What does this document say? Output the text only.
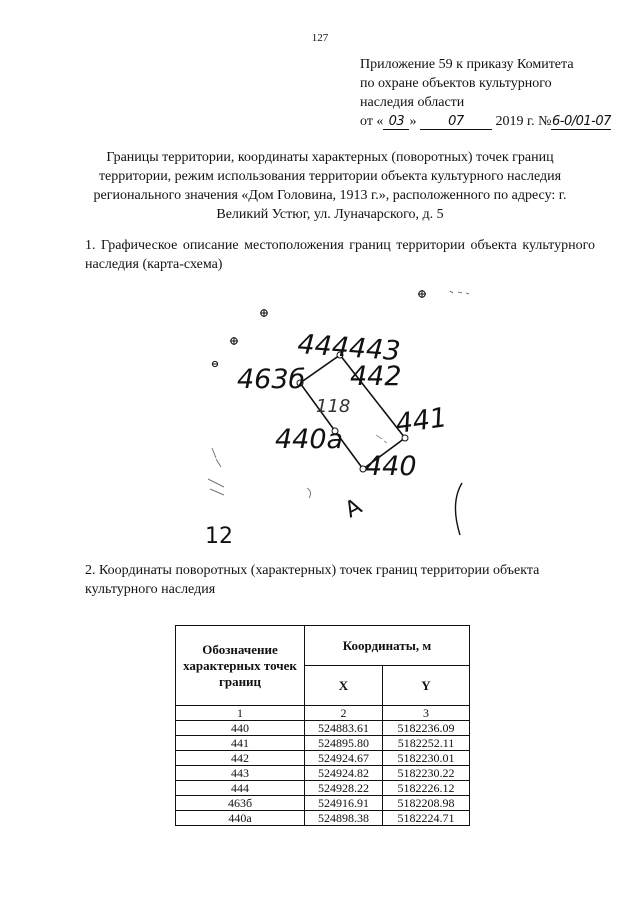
127
Приложение 59 к приказу Комитета
по охране объектов культурного
наследия области
от « 03 » 07 2019 г. №6-0/01-07
Границы территории, координаты характерных (поворотных) точек границ территории, режим использования территории объекта культурного наследия регионального значения «Дом Головина, 1913 г.», расположенного по адресу: г. Великий Устюг, ул. Луначарского, д. 5
1. Графическое описание местоположения границ территории объекта культурного наследия (карта-схема)
444443
463б 442
441
440а
440
118
А
12
2. Координаты поворотных (характерных) точек границ территории объекта культурного наследия
Обозначение характерных точек границ	Координаты, м	
	X	Y
1	2	3
440	524883.61	5182236.09
441	524895.80	5182252.11
442	524924.67	5182230.01
443	524924.82	5182230.22
444	524928.22	5182226.12
463б	524916.91	5182208.98
440а	524898.38	5182224.71
